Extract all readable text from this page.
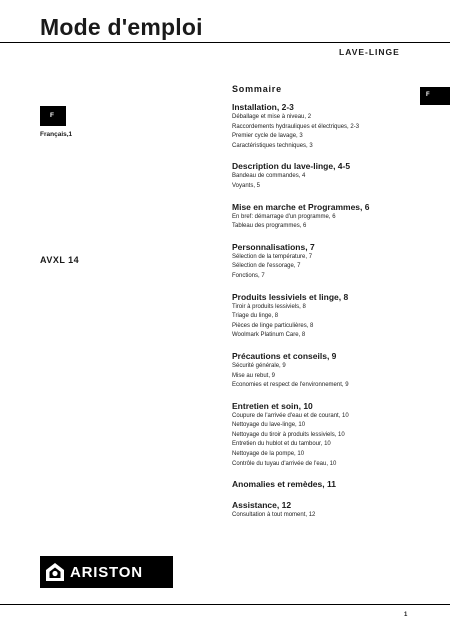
Mode d'emploi
LAVE-LINGE
F
F
Français,1
AVXL 14
Sommaire
Installation, 2-3
Déballage et mise à niveau, 2
Raccordements hydrauliques et électriques, 2-3
Premier cycle de lavage, 3
Caractéristiques techniques, 3
Description du lave-linge, 4-5
Bandeau de commandes, 4
Voyants, 5
Mise en marche et Programmes, 6
En bref: démarrage d'un programme, 6
Tableau des programmes, 6
Personnalisations, 7
Sélection de la température, 7
Sélection de l'essorage, 7
Fonctions, 7
Produits lessiviels et linge, 8
Tiroir à produits lessiviels, 8
Triage du linge, 8
Pièces de linge particulières, 8
Woolmark Platinum Care, 8
Précautions et conseils, 9
Sécurité générale, 9
Mise au rebut, 9
Economies et respect de l'environnement, 9
Entretien et soin, 10
Coupure de l'arrivée d'eau et de courant, 10
Nettoyage du lave-linge, 10
Nettoyage du tiroir à produits lessiviels, 10
Entretien du hublot et du tambour, 10
Nettoyage de la pompe, 10
Contrôle du tuyau d'arrivée de l'eau, 10
Anomalies et remèdes, 11
Assistance, 12
Consultation à tout moment, 12
ARISTON
1
